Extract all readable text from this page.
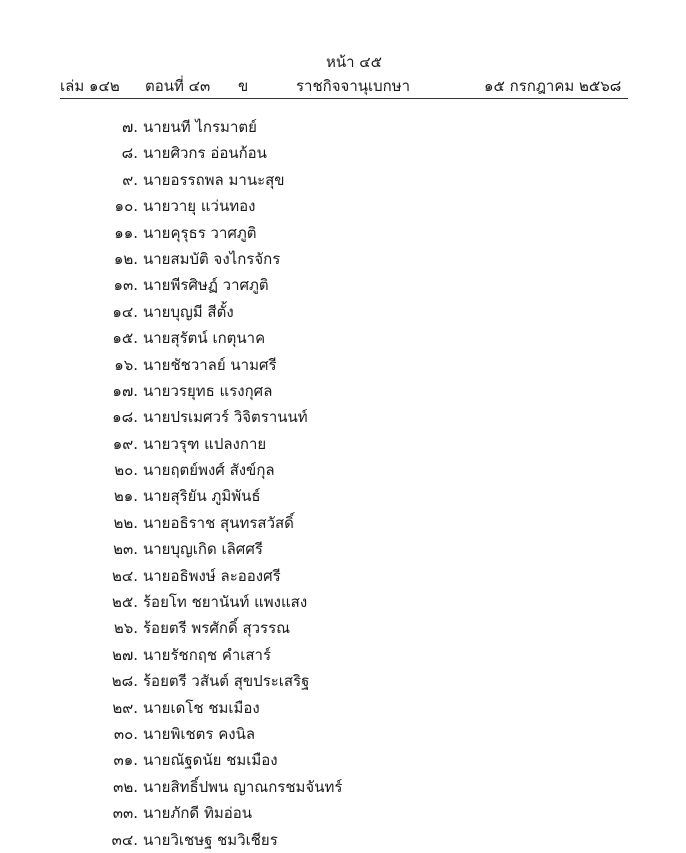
หน้า ๔๕
เล่ม ๑๔๒ ตอนที่ ๔๓ ข	ราชกิจจานุเบกษา	๑๕ กรกฎาคม ๒๕๖๘
๗. นายนที ไกรมาตย์
๘. นายศิวกร อ่อนก้อน
๙. นายอรรถพล มานะสุข
๑๐. นายวายุ แว่นทอง
๑๑. นายคุรุธร วาศภูติ
๑๒. นายสมบัติ จงไกรจักร
๑๓. นายพีรศิษฏ์ วาศภูติ
๑๔. นายบุญมี สีตั้ง
๑๕. นายสุรัตน์ เกตุนาค
๑๖. นายชัชวาลย์ นามศรี
๑๗. นายวรยุทธ แรงกุศล
๑๘. นายปรเมศวร์ วิจิตรานนท์
๑๙. นายวรุฑ แปลงกาย
๒๐. นายฤตย์พงศ์ สังข์กุล
๒๑. นายสุริยัน ภูมิพันธ์
๒๒. นายอธิราช สุนทรสวัสดิ์
๒๓. นายบุญเกิด เลิศศรี
๒๔. นายอธิพงษ์ ละอองศรี
๒๕. ร้อยโท ชยานันท์ แพงแสง
๒๖. ร้อยตรี พรศักดิ์ สุวรรณ
๒๗. นายรัชกฤช คำเสาร์
๒๘. ร้อยตรี วสันต์ สุขประเสริฐ
๒๙. นายเดโช ชมเมือง
๓๐. นายพิเชตร คงนิล
๓๑. นายณัฐดนัย ชมเมือง
๓๒. นายสิทธิ์ปพน ญาณกรชมจันทร์
๓๓. นายภักดี ทิมอ่อน
๓๔. นายวิเชษฐ ชมวิเชียร
